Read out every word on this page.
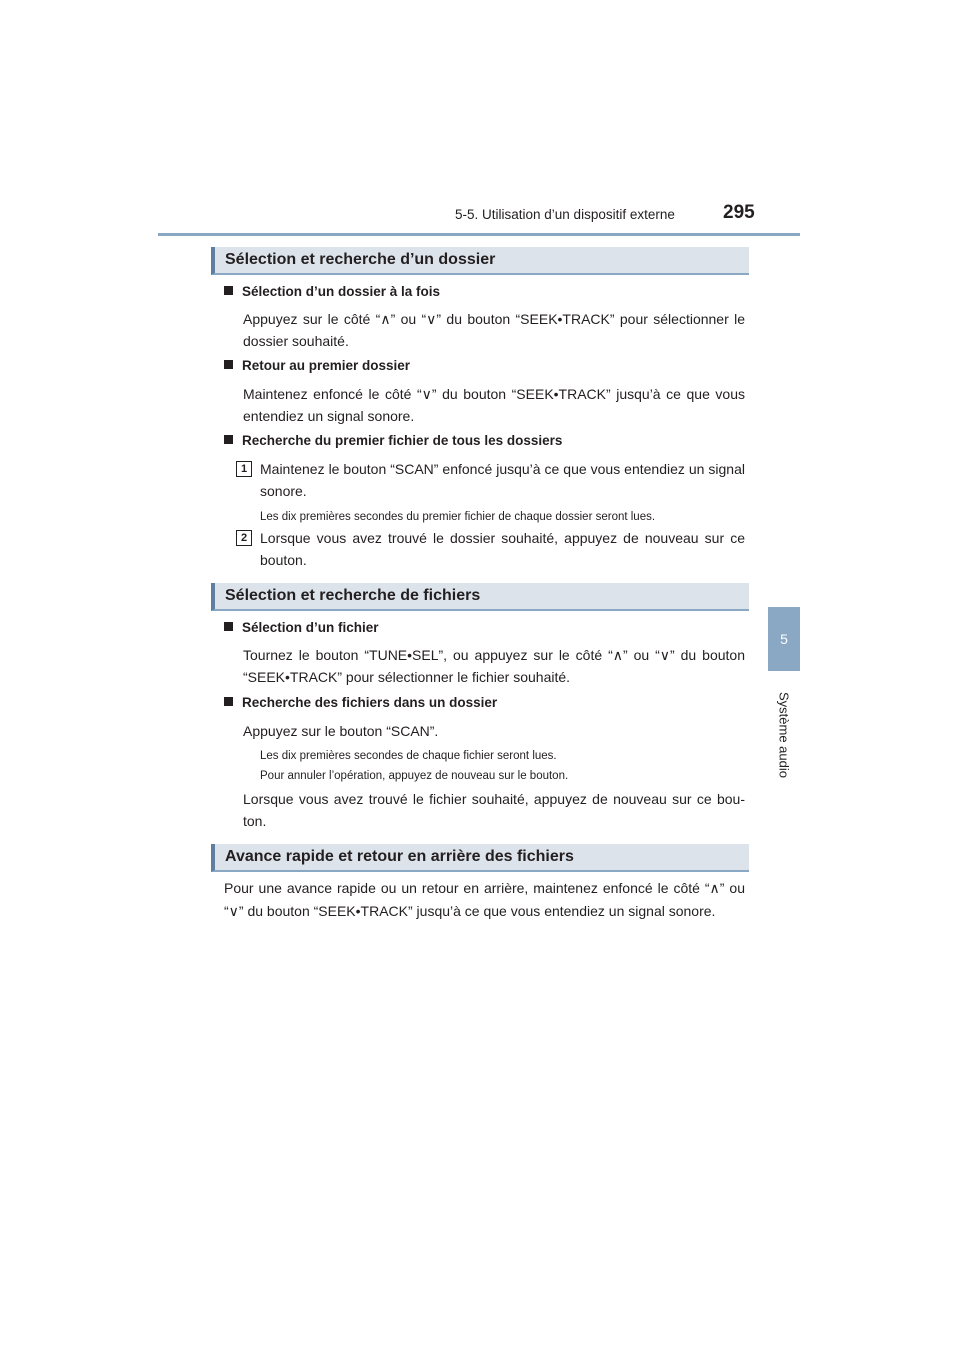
5-5. Utilisation d’un dispositif externe	295
5
Système audio
Sélection et recherche d’un dossier
Sélection d’un dossier à la fois
Appuyez sur le côté “∧” ou “∨” du bouton “SEEK•TRACK” pour sélectionner le dossier souhaité.
Retour au premier dossier
Maintenez enfoncé le côté “∨” du bouton “SEEK•TRACK” jusqu’à ce que vous entendiez un signal sonore.
Recherche du premier fichier de tous les dossiers
1 Maintenez le bouton “SCAN” enfoncé jusqu’à ce que vous entendiez un signal sonore.
Les dix premières secondes du premier fichier de chaque dossier seront lues.
2 Lorsque vous avez trouvé le dossier souhaité, appuyez de nouveau sur ce bouton.
Sélection et recherche de fichiers
Sélection d’un fichier
Tournez le bouton “TUNE•SEL”, ou appuyez sur le côté “∧” ou “∨” du bouton “SEEK•TRACK” pour sélectionner le fichier souhaité.
Recherche des fichiers dans un dossier
Appuyez sur le bouton “SCAN”.
Les dix premières secondes de chaque fichier seront lues.
Pour annuler l’opération, appuyez de nouveau sur le bouton.
Lorsque vous avez trouvé le fichier souhaité, appuyez de nouveau sur ce bou-ton.
Avance rapide et retour en arrière des fichiers
Pour une avance rapide ou un retour en arrière, maintenez enfoncé le côté “∧” ou “∨” du bouton “SEEK•TRACK” jusqu’à ce que vous entendiez un signal sonore.
